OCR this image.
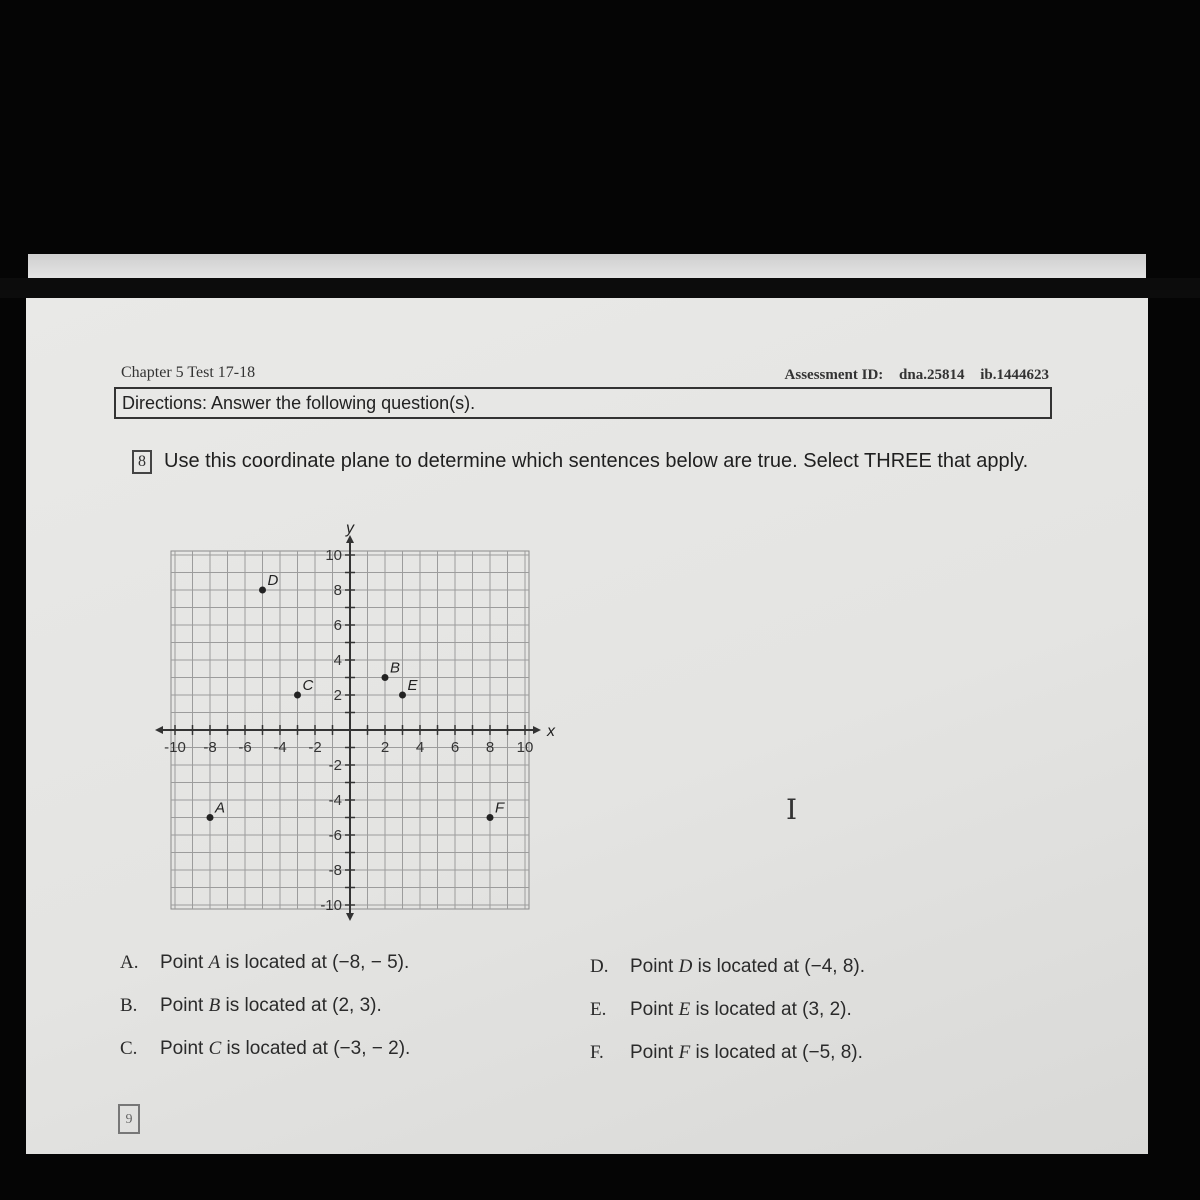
Chapter 5 Test 17-18	Assessment ID: dna.25814 ib.1444623
Directions: Answer the following question(s).
8 Use this coordinate plane to determine which sentences below are true. Select THREE that apply.
x
y
-10 -8 -6 -4 -2	2 4 6 8 10
10
8
6
4
2
-2
-4
-6
-8
-10
A
B
C
D
E
F
A. Point A is located at (−8, − 5).
B. Point B is located at (2, 3).
C. Point C is located at (−3, − 2).
D. Point D is located at (−4, 8).
E. Point E is located at (3, 2).
F. Point F is located at (−5, 8).
I
9
